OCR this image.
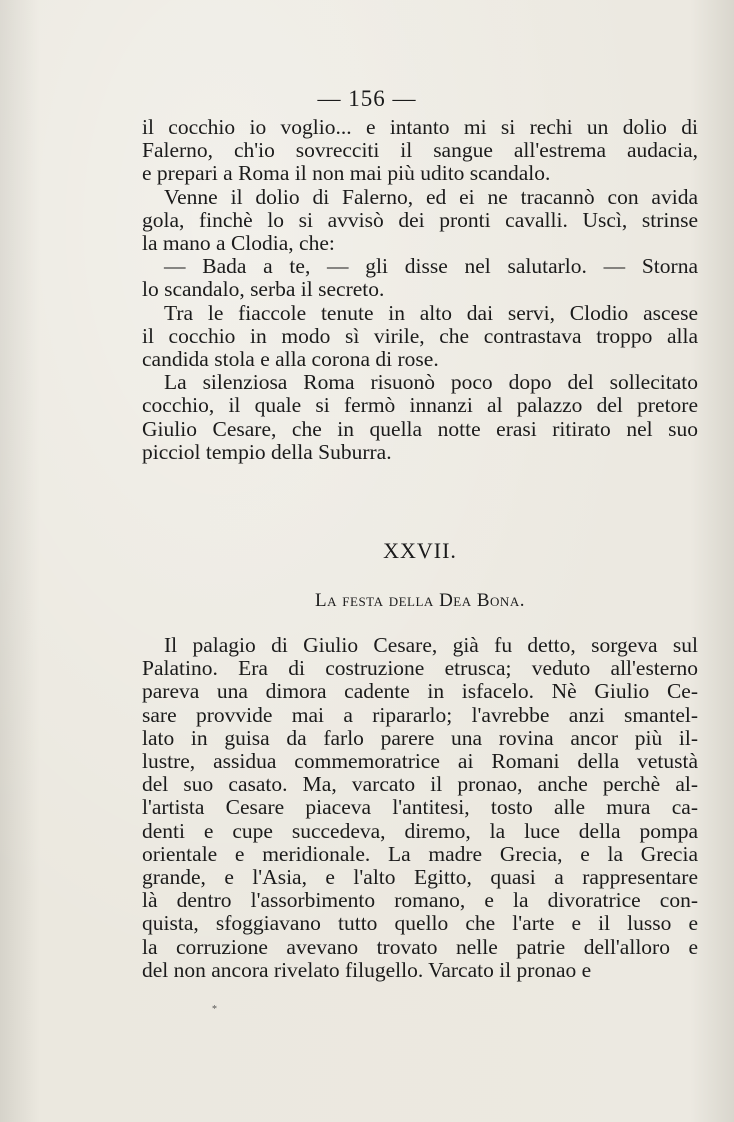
— 156 —

il cocchio io voglio... e intanto mi si rechi un dolio di
Falerno, ch'io sovrecciti il sangue all'estrema audacia,
e prepari a Roma il non mai più udito scandalo.

Venne il dolio di Falerno, ed ei ne tracannò con avida
gola, finchè lo si avvisò dei pronti cavalli. Uscì, strinse
la mano a Clodia, che:

— Bada a te, — gli disse nel salutarlo. — Storna
lo scandalo, serba il secreto.

Tra le fiaccole tenute in alto dai servi, Clodio ascese
il cocchio in modo sì virile, che contrastava troppo alla
candida stola e alla corona di rose.

La silenziosa Roma risuonò poco dopo del sollecitato
cocchio, il quale si fermò innanzi al palazzo del pretore
Giulio Cesare, che in quella notte erasi ritirato nel suo
picciol tempio della Suburra.

XXVII.
La festa della Dea Bona.

Il palagio di Giulio Cesare, già fu detto, sorgeva sul
Palatino. Era di costruzione etrusca; veduto all'esterno
pareva una dimora cadente in isfacelo. Nè Giulio Ce-
sare provvide mai a ripararlo; l'avrebbe anzi smantel-
lato in guisa da farlo parere una rovina ancor più il-
lustre, assidua commemoratrice ai Romani della vetustà
del suo casato. Ma, varcato il pronao, anche perchè al-
l'artista Cesare piaceva l'antitesi, tosto alle mura ca-
denti e cupe succedeva, diremo, la luce della pompa
orientale e meridionale. La madre Grecia, e la Grecia
grande, e l'Asia, e l'alto Egitto, quasi a rappresentare
là dentro l'assorbimento romano, e la divoratrice con-
quista, sfoggiavano tutto quello che l'arte e il lusso e
la corruzione avevano trovato nelle patrie dell'alloro e
del non ancora rivelato filugello. Varcato il pronao e

*
